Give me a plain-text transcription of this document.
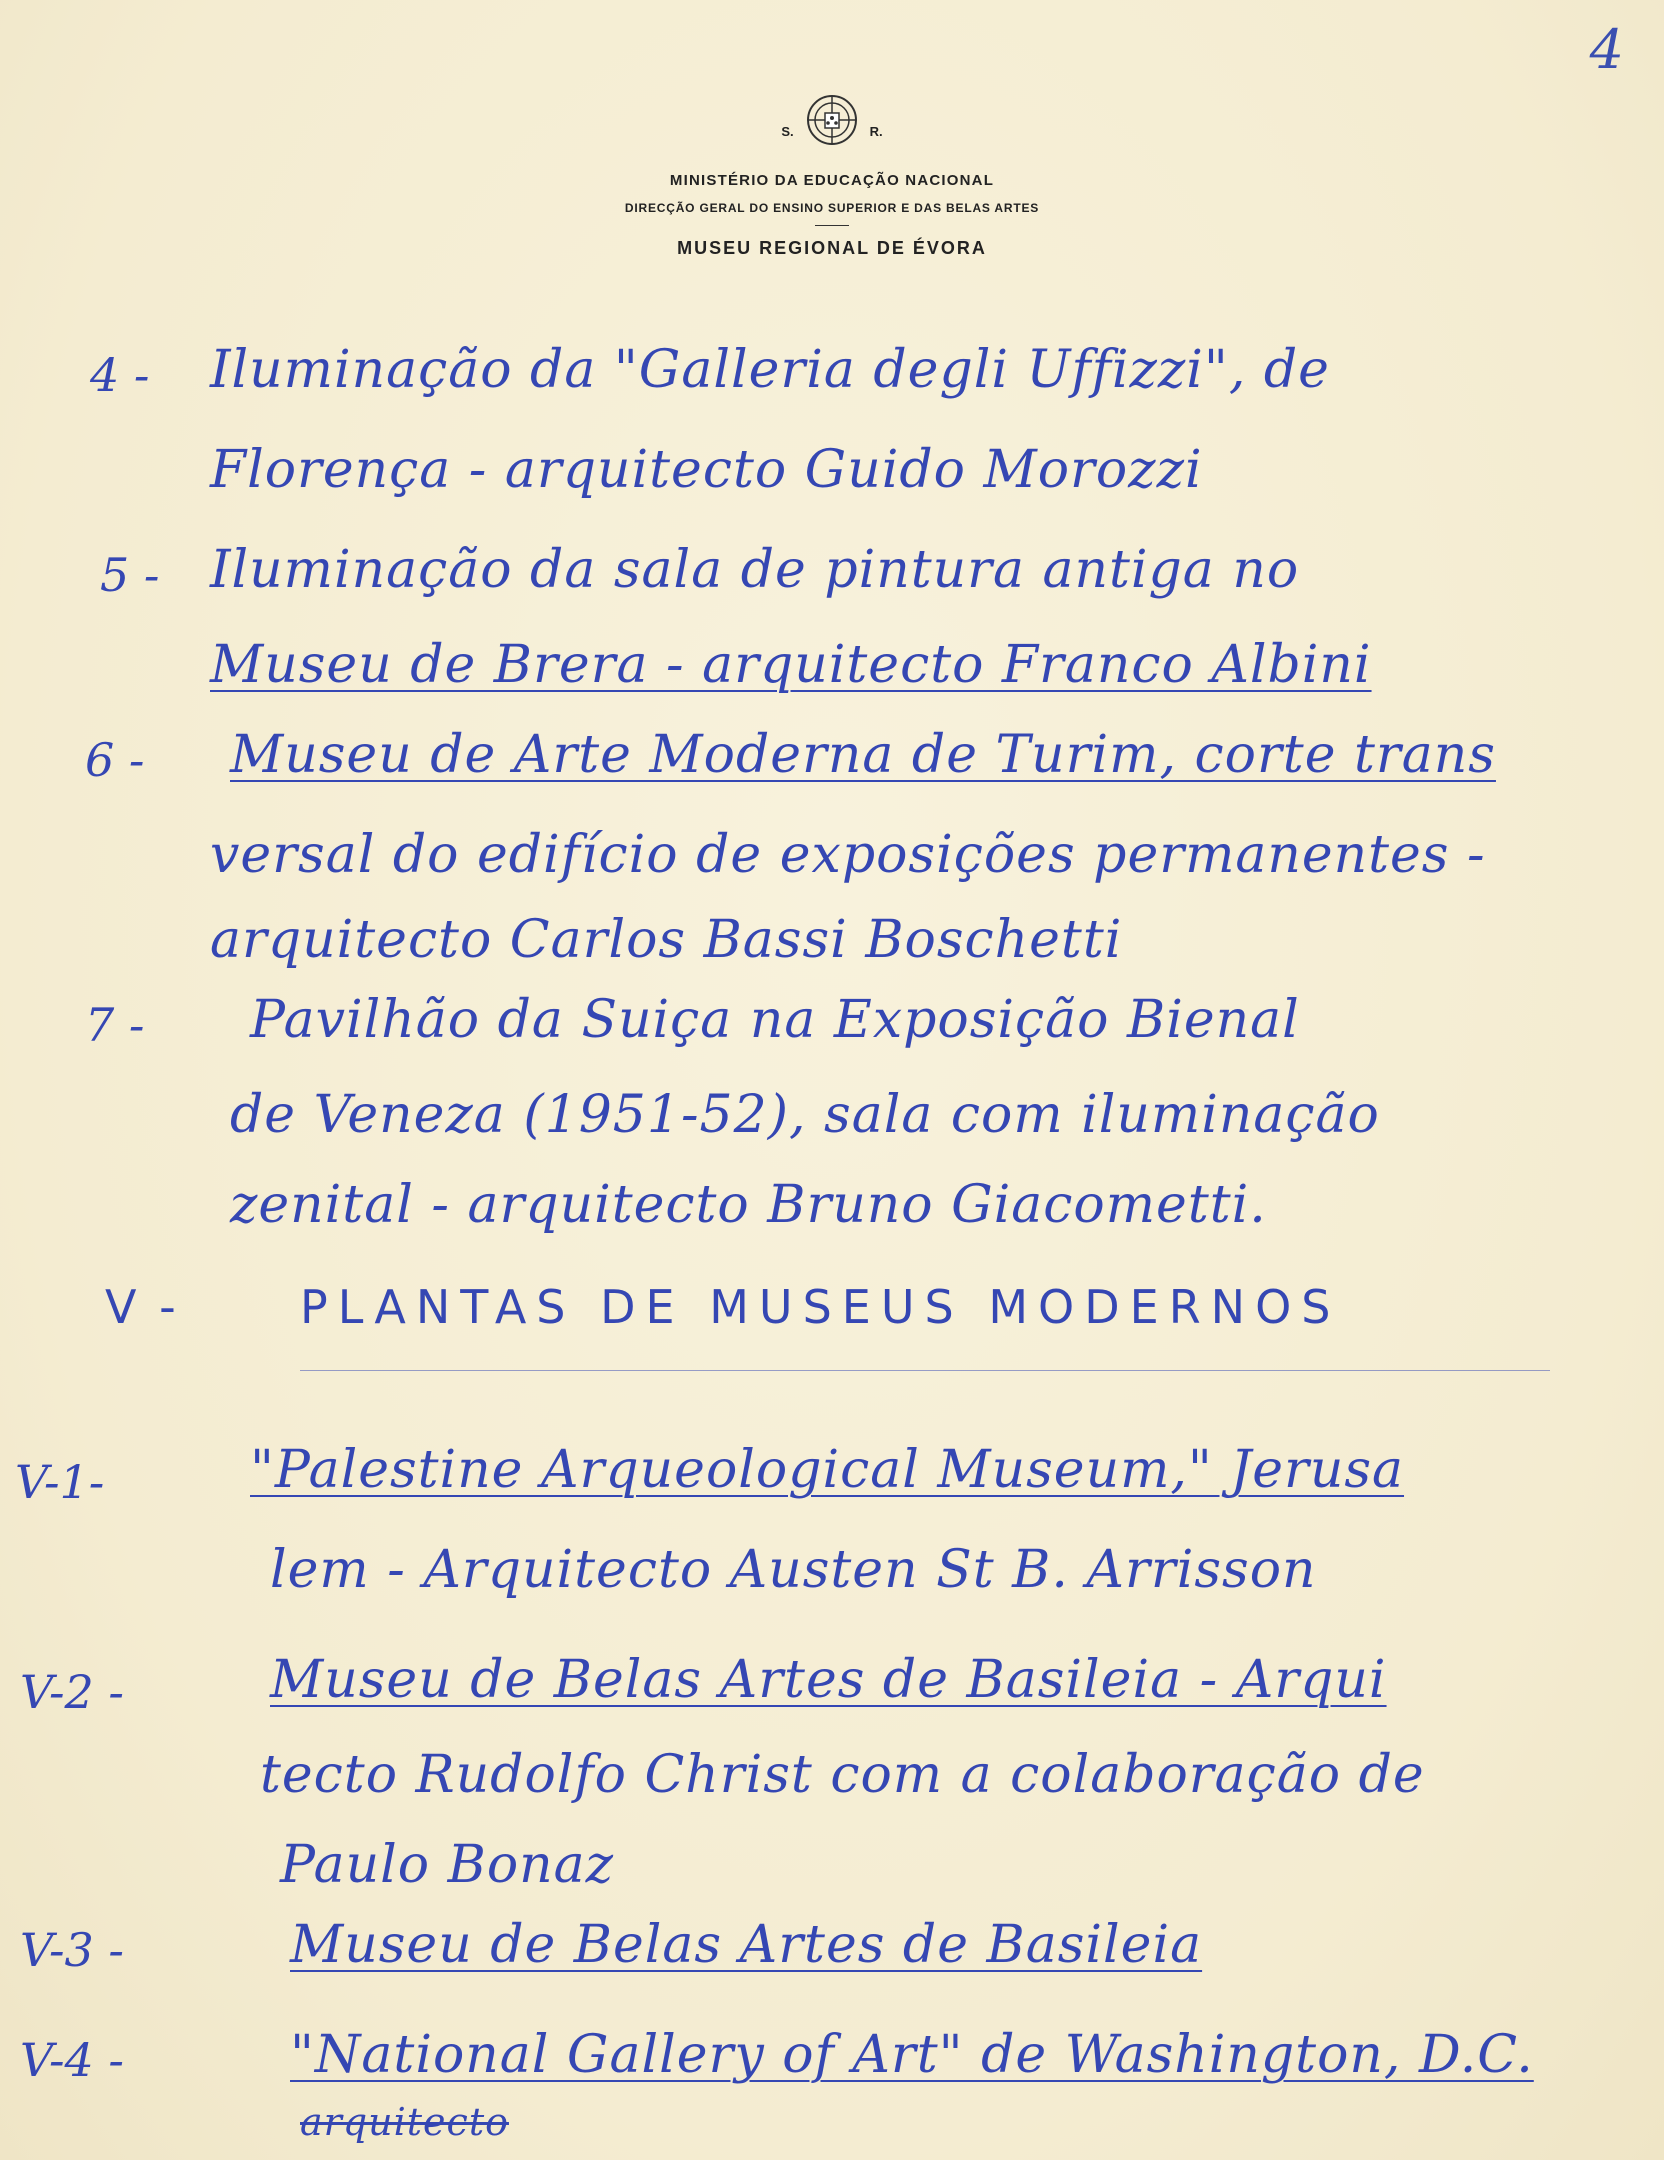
4
S.	R.
MINISTÉRIO DA EDUCAÇÃO NACIONAL
DIRECÇÃO GERAL DO ENSINO SUPERIOR E DAS BELAS ARTES
MUSEU REGIONAL DE ÉVORA
4 - Iluminação da "Galleria degli Uffizzi", de
Florença - arquitecto Guido Morozzi
5 - Iluminação da sala de pintura antiga no
Museu de Brera - arquitecto Franco Albini
6 - Museu de Arte Moderna de Turim, corte trans
versal do edifício de exposições permanentes -
arquitecto Carlos Bassi Boschetti
7 - Pavilhão da Suiça na Exposição Bienal
de Veneza (1951-52), sala com iluminação
zenital - arquitecto Bruno Giacometti.
V -	PLANTAS DE MUSEUS MODERNOS
V-1-	"Palestine Arqueological Museum," Jerusa
lem - Arquitecto Austen St B. Arrisson
V-2 -	Museu de Belas Artes de Basileia - Arqui
tecto Rudolfo Christ com a colaboração de
Paulo Bonaz
V-3 -	Museu de Belas Artes de Basileia
V-4 -	"National Gallery of Art" de Washington, D.C.
arquitecto
